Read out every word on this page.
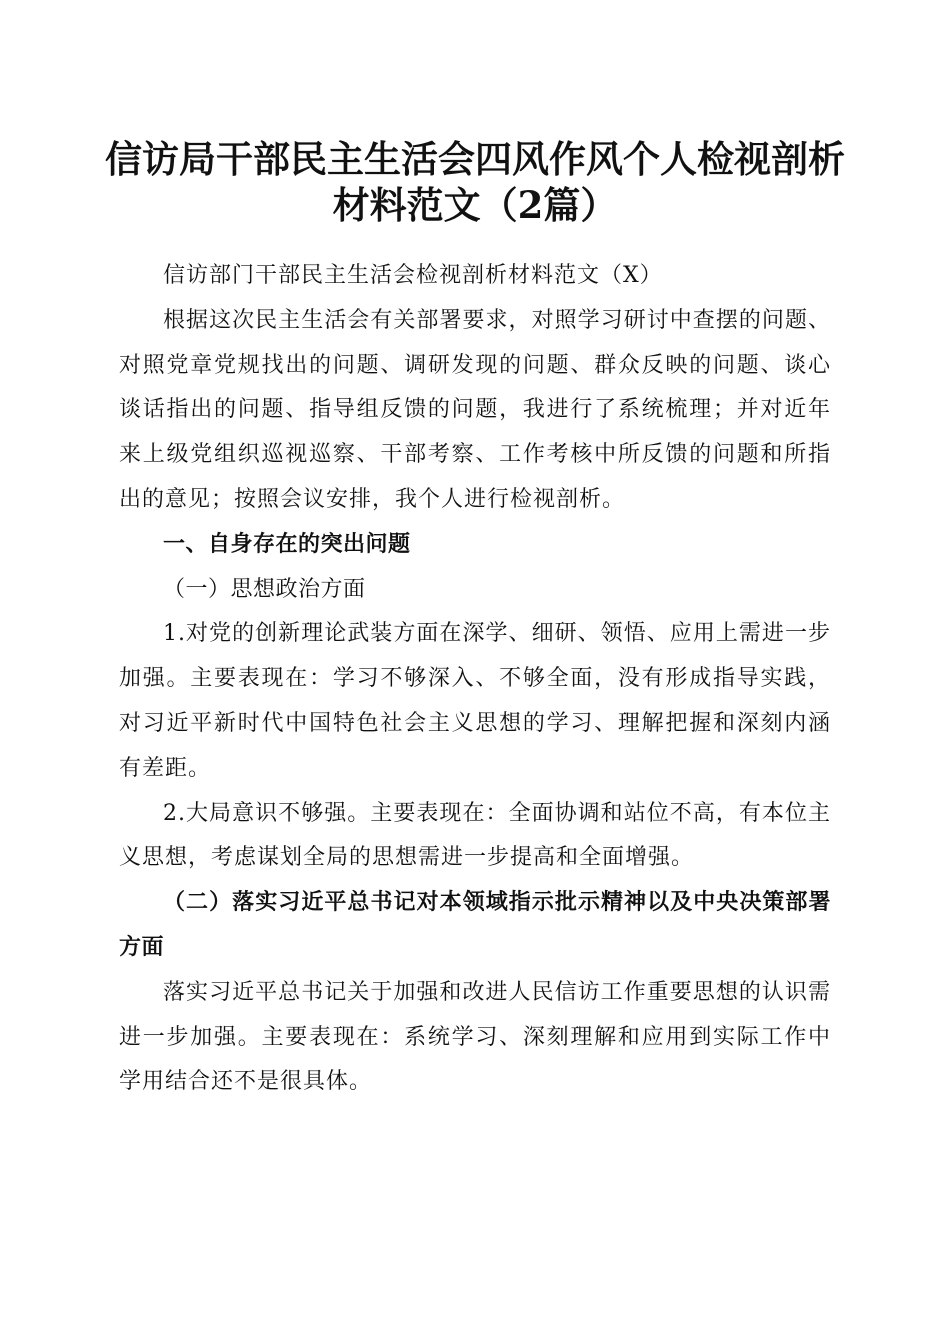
信访局干部民主生活会四风作风个人检视剖析
材料范文（2篇）

信访部门干部民主生活会检视剖析材料范文（X）

根据这次民主生活会有关部署要求，对照学习研讨中查摆的问题、对照党章党规找出的问题、调研发现的问题、群众反映的问题、谈心谈话指出的问题、指导组反馈的问题，我进行了系统梳理；并对近年来上级党组织巡视巡察、干部考察、工作考核中所反馈的问题和所指出的意见；按照会议安排，我个人进行检视剖析。

一、自身存在的突出问题

（一）思想政治方面

1.对党的创新理论武装方面在深学、细研、领悟、应用上需进一步加强。主要表现在：学习不够深入、不够全面，没有形成指导实践，对习近平新时代中国特色社会主义思想的学习、理解把握和深刻内涵有差距。

2.大局意识不够强。主要表现在：全面协调和站位不高，有本位主义思想，考虑谋划全局的思想需进一步提高和全面增强。

（二）落实习近平总书记对本领域指示批示精神以及中央决策部署方面

落实习近平总书记关于加强和改进人民信访工作重要思想的认识需进一步加强。主要表现在：系统学习、深刻理解和应用到实际工作中学用结合还不是很具体。
